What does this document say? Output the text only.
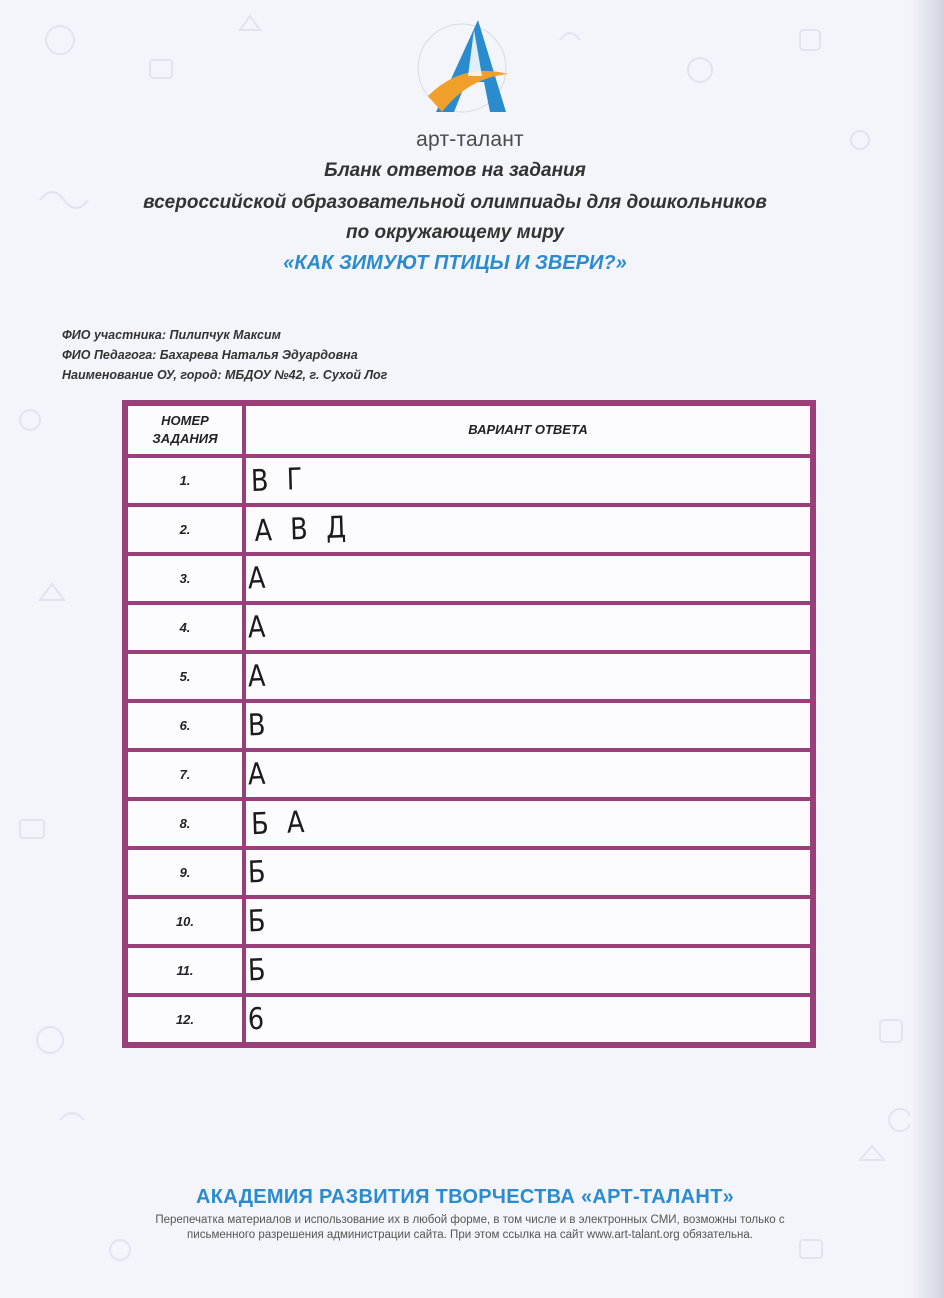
арт-талант
Бланк ответов на задания
всероссийской образовательной олимпиады для дошкольников
по окружающему миру
«КАК ЗИМУЮТ ПТИЦЫ И ЗВЕРИ?»
ФИО участника: Пилипчук Максим
ФИО Педагога: Бахарева Наталья Эдуардовна
Наименование ОУ, город: МБДОУ №42, г. Сухой Лог
НОМЕР ЗАДАНИЯ	ВАРИАНТ ОТВЕТА
1.	В Г
2.	А В Д
3.	А
4.	А
5.	А
6.	В
7.	А
8.	Б А
9.	Б
10.	Б
11.	Б
12.	6
АКАДЕМИЯ РАЗВИТИЯ ТВОРЧЕСТВА «АРТ-ТАЛАНТ»
Перепечатка материалов и использование их в любой форме, в том числе и в электронных СМИ, возможны только с
письменного разрешения администрации сайта. При этом ссылка на сайт www.art-talant.org обязательна.
